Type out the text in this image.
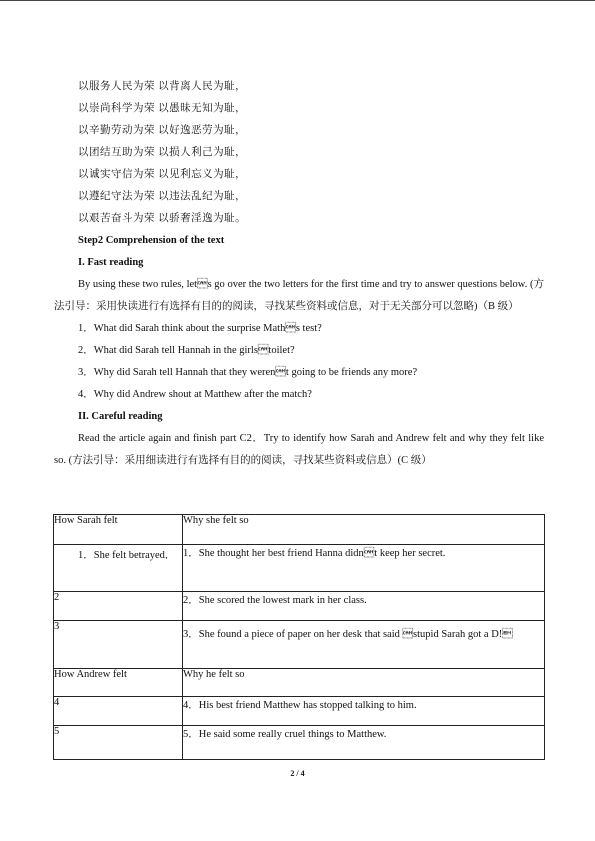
以服务人民为荣 以背离人民为耻，

以崇尚科学为荣 以愚昧无知为耻，

以辛勤劳动为荣 以好逸恶劳为耻，

以团结互助为荣 以损人利己为耻，

以诚实守信为荣 以见利忘义为耻，

以遵纪守法为荣 以违法乱纪为耻，

以艰苦奋斗为荣 以骄奢淫逸为耻。

Step2 Comprehension of the text

I. Fast reading

By using these two rules, lets go over the two letters for the first time and try to answer questions below. (方法引导：采用快读进行有选择有目的的阅读，寻找某些资料或信息，对于无关部分可以忽略)（B 级）

1．What did Sarah think about the surprise Maths test?

2．What did Sarah tell Hannah in the girlstoilet?

3．Why did Sarah tell Hannah that they werent going to be friends any more?

4．Why did Andrew shout at Matthew after the match?

II. Careful reading

Read the article again and finish part C2．Try to identify how Sarah and Andrew felt and why they felt like so. (方法引导：采用细读进行有选择有目的的阅读，寻找某些资料或信息）(C 级）

How Sarah felt	Why she felt so

1．She felt betrayed．	1．She thought her best friend Hanna didnt keep her secret.
2	2．She scored the lowest mark in her class.
3	3．She found a piece of paper on her desk that said stupid Sarah got a D!
How Andrew felt	Why he felt so
4	4．His best friend Matthew has stopped talking to him.
5	5．He said some really cruel things to Matthew.
2 / 4
